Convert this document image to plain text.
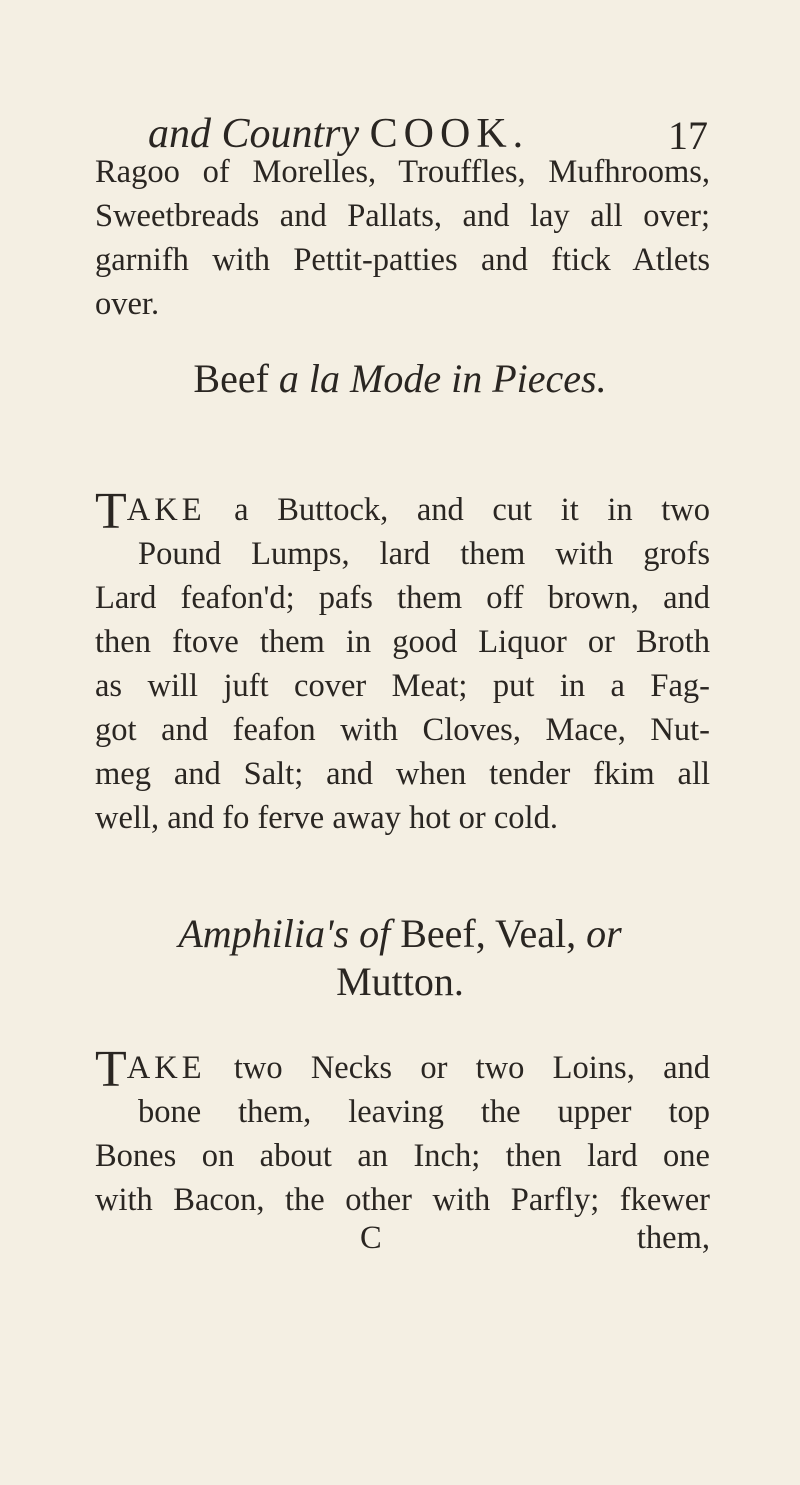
and Country COOK.	17
Ragoo of Morelles, Trouffles, Mufhrooms,
Sweetbreads and Pallats, and lay all over;
garnifh with Pettit-patties and ftick Atlets
over.
Beef a la Mode in Pieces.
TAKE a Buttock, and cut it in two
Pound Lumps, lard them with grofs
Lard feafon'd; pafs them off brown, and
then ftove them in good Liquor or Broth
as will juft cover Meat; put in a Fag-
got and feafon with Cloves, Mace, Nut-
meg and Salt; and when tender fkim all
well, and fo ferve away hot or cold.
Amphilia's of Beef, Veal, or
Mutton.
TAKE two Necks or two Loins, and
bone them, leaving the upper top
Bones on about an Inch; then lard one
with Bacon, the other with Parfly; fkewer
C	them,
